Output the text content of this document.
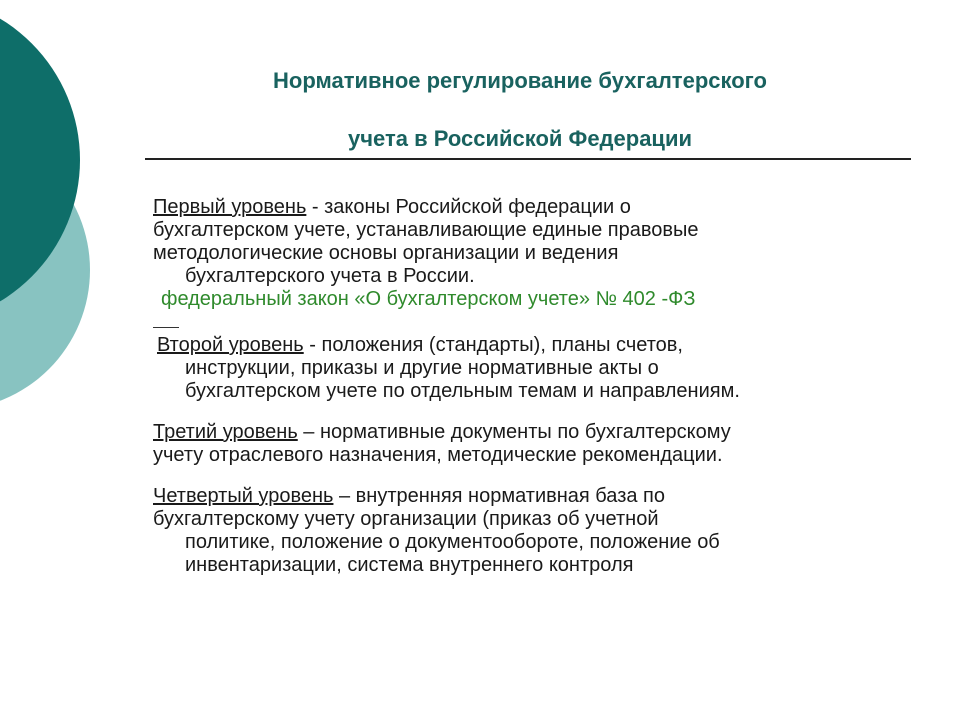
Нормативное регулирование бухгалтерского
учета в Российской Федерации
Первый уровень - законы Российской федерации о
бухгалтерском учете, устанавливающие единые правовые
методологические основы организации и ведения
бухгалтерского учета в России.
федеральный закон «О бухгалтерском учете» № 402 -ФЗ
Второй уровень - положения (стандарты), планы счетов,
инструкции, приказы и другие нормативные акты о
бухгалтерском учете по отдельным темам и направлениям.
Третий уровень – нормативные документы по бухгалтерскому
учету отраслевого назначения, методические рекомендации.
Четвертый уровень – внутренняя нормативная база по
бухгалтерскому учету организации (приказ об учетной
политике, положение о документообороте, положение об
инвентаризации, система внутреннего контроля
